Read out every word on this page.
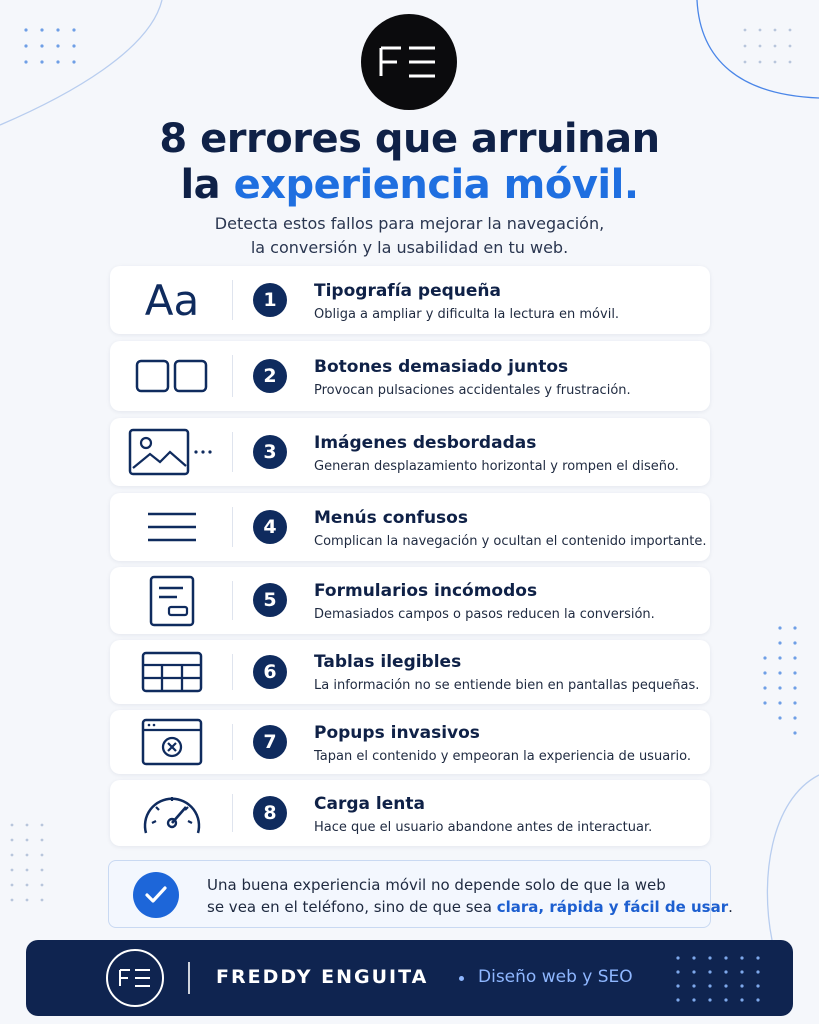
8 errores que arruinan
la experiencia móvil.
Detecta estos fallos para mejorar la navegación,
la conversión y la usabilidad en tu web.
Aa	1	Tipografía pequeña
Obliga a ampliar y dificulta la lectura en móvil.
2	Botones demasiado juntos
Provocan pulsaciones accidentales y frustración.
3	Imágenes desbordadas
Generan desplazamiento horizontal y rompen el diseño.
4	Menús confusos
Complican la navegación y ocultan el contenido importante.
5	Formularios incómodos
Demasiados campos o pasos reducen la conversión.
6	Tablas ilegibles
La información no se entiende bien en pantallas pequeñas.
7	Popups invasivos
Tapan el contenido y empeoran la experiencia de usuario.
8	Carga lenta
Hace que el usuario abandone antes de interactuar.
Una buena experiencia móvil no depende solo de que la web
se vea en el teléfono, sino de que sea clara, rápida y fácil de usar.
FREDDY ENGUITA	Diseño web y SEO
